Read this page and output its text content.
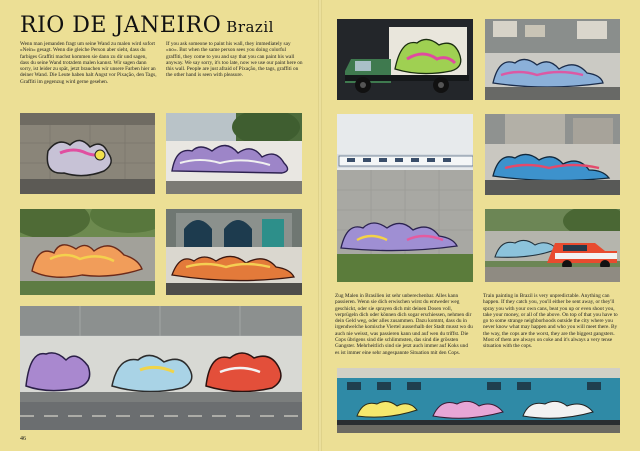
RIO DE JANEIRO Brazil

Wenn man jemanden fragt um seine Wand zu malen wird sofort »Nein« gesagt. Wenn die gleiche Person aber sieht, dass du farbiges Graffiti machst kommen sie dann zu dir und sagen, dass du seine Wand trotzdem malen kannst. Wir sagen dann sorry, ist leider zu spät, jetzt brauchen wir unsere Farben hier an deiner Wand. Die Leute haben halt Angst vor Pixação, den Tags, Graffiti im gegenzug wird gerne gesehen.

If you ask someone to paint his wall, they immediately say »no«. But when the same person sees you doing colorful graffiti, they come to you and say that you can paint his wall anyway. We say sorry, it's too late, now we use our paint here on this wall. People are just afraid of Pixação, the tags, graffiti on the other hand is seen with pleasure.

Zug Malen in Brasilien ist sehr unberechenbar. Alles kann passieren. Wenn sie dich erwischen wirst du entweder weg geschickt, oder sie sprayen dich mit deinen Dosen voll, verprügeln dich oder können dich sogar erschiessen, nehmen dir dein Geld weg, oder alles zusammen. Dazu kommt, dass du in irgendwelche komische Viertel ausserhalb der Stadt musst wo du auch nie weisst, was passieren kann und auf wen du triffst. Die Cops übrigens sind die schlimmsten, das sind die grössten Gangster. Mehrheitlich sind sie jetzt auch immer auf Koks und es ist immer eine sehr angespannte Situation mit den Cops.

Train painting in Brazil is very unpredictable. Anything can happen. If they catch you, you'll either be sent away, or they'll spray you with your own cans, beat you up or even shoot you, take your money, or all of the above. On top of that you have to go to some strange neighborhoods outside the city where you never know what may happen and who you will meet there. By the way, the cops are the worst, they are the biggest gangsters. Most of them are always on coke and it's always a very tense situation with the cops.

46
